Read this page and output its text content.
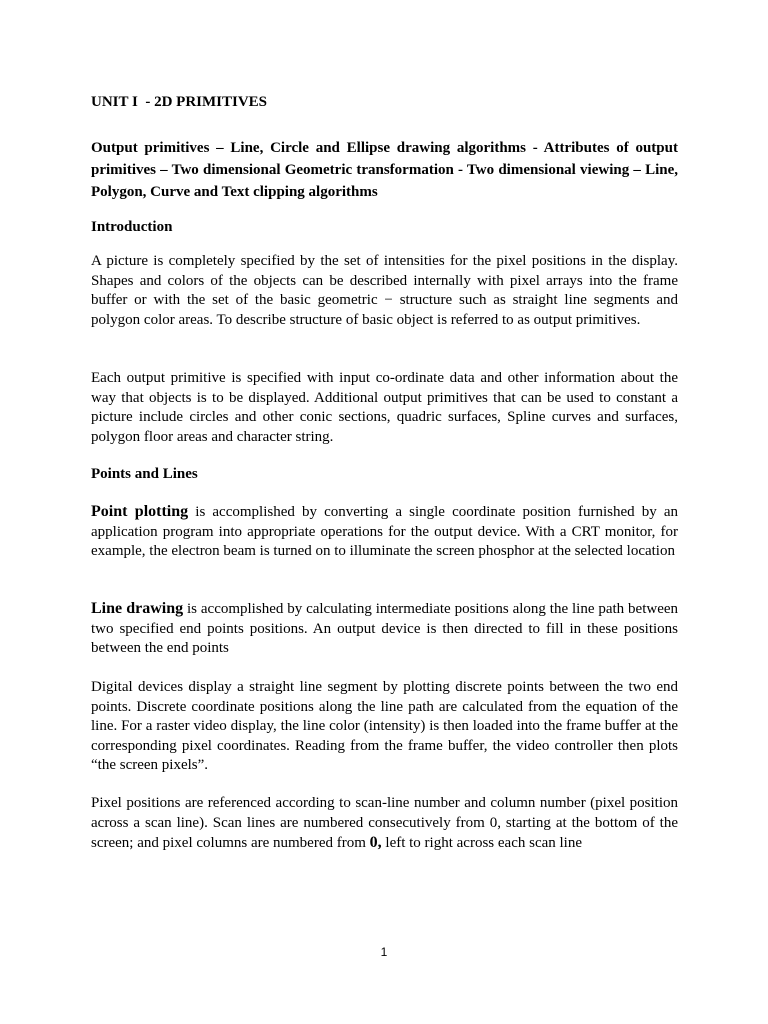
UNIT I  - 2D PRIMITIVES

Output primitives – Line, Circle and Ellipse drawing algorithms - Attributes of output primitives – Two dimensional Geometric transformation - Two dimensional viewing – Line, Polygon, Curve and Text clipping algorithms

Introduction

A picture is completely specified by the set of intensities for the pixel positions in the display. Shapes and colors of the objects can be described internally with pixel arrays into the frame buffer or with the set of the basic geometric − structure such as straight line segments and polygon color areas. To describe structure of basic object is referred to as output primitives.

Each output primitive is specified with input co-ordinate data and other information about the way that objects is to be displayed. Additional output primitives that can be used to constant a picture include circles and other conic sections, quadric surfaces, Spline curves and surfaces, polygon floor areas and character string.

Points and Lines

Point plotting is accomplished by converting a single coordinate position furnished by an application program into appropriate operations for the output device. With a CRT monitor, for example, the electron beam is turned on to illuminate the screen phosphor at the selected location

Line drawing is accomplished by calculating intermediate positions along the line path between two specified end points positions. An output device is then directed to fill in these positions between the end points

Digital devices display a straight line segment by plotting discrete points between the two end points. Discrete coordinate positions along the line path are calculated from the equation of the line. For a raster video display, the line color (intensity) is then loaded into the frame buffer at the corresponding pixel coordinates. Reading from the frame buffer, the video controller then plots “the screen pixels”.

Pixel positions are referenced according to scan-line number and column number (pixel position across a scan line). Scan lines are numbered consecutively from 0, starting at the bottom of the screen; and pixel columns are numbered from 0, left to right across each scan line

1
